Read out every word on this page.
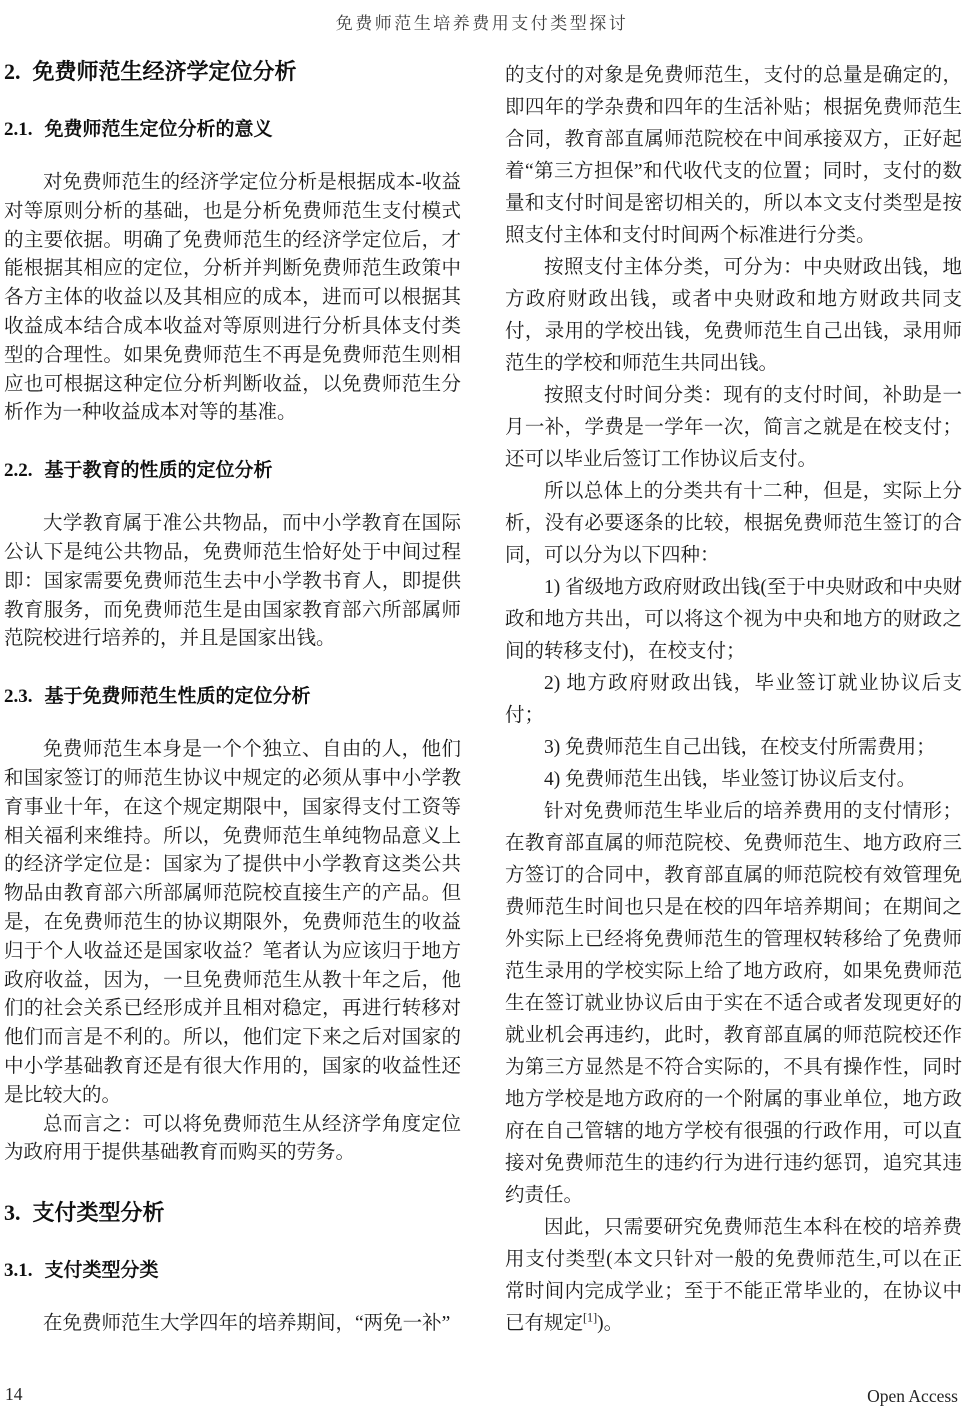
免费师范生培养费用支付类型探讨
2. 免费师范生经济学定位分析
2.1. 免费师范生定位分析的意义

对免费师范生的经济学定位分析是根据成本-收益对等原则分析的基础，也是分析免费师范生支付模式的主要依据。明确了免费师范生的经济学定位后，才能根据其相应的定位，分析并判断免费师范生政策中各方主体的收益以及其相应的成本，进而可以根据其收益成本结合成本收益对等原则进行分析具体支付类型的合理性。如果免费师范生不再是免费师范生则相应也可根据这种定位分析判断收益，以免费师范生分析作为一种收益成本对等的基准。

2.2. 基于教育的性质的定位分析

大学教育属于准公共物品，而中小学教育在国际公认下是纯公共物品，免费师范生恰好处于中间过程即：国家需要免费师范生去中小学教书育人，即提供教育服务，而免费师范生是由国家教育部六所部属师范院校进行培养的，并且是国家出钱。

2.3. 基于免费师范生性质的定位分析

免费师范生本身是一个个独立、自由的人，他们和国家签订的师范生协议中规定的必须从事中小学教育事业十年，在这个规定期限中，国家得支付工资等相关福利来维持。所以，免费师范生单纯物品意义上的经济学定位是：国家为了提供中小学教育这类公共物品由教育部六所部属师范院校直接生产的产品。但是，在免费师范生的协议期限外，免费师范生的收益归于个人收益还是国家收益？笔者认为应该归于地方政府收益，因为，一旦免费师范生从教十年之后，他们的社会关系已经形成并且相对稳定，再进行转移对他们而言是不利的。所以，他们定下来之后对国家的中小学基础教育还是有很大作用的，国家的收益性还是比较大的。

总而言之：可以将免费师范生从经济学角度定位为政府用于提供基础教育而购买的劳务。

3. 支付类型分析
3.1. 支付类型分类

在免费师范生大学四年的培养期间，“两免一补”

的支付的对象是免费师范生，支付的总量是确定的，即四年的学杂费和四年的生活补贴；根据免费师范生合同，教育部直属师范院校在中间承接双方，正好起着“第三方担保”和代收代支的位置；同时，支付的数量和支付时间是密切相关的，所以本文支付类型是按照支付主体和支付时间两个标准进行分类。

按照支付主体分类，可分为：中央财政出钱，地方政府财政出钱，或者中央财政和地方财政共同支付，录用的学校出钱，免费师范生自己出钱，录用师范生的学校和师范生共同出钱。

按照支付时间分类：现有的支付时间，补助是一月一补，学费是一学年一次，简言之就是在校支付；还可以毕业后签订工作协议后支付。

所以总体上的分类共有十二种，但是，实际上分析，没有必要逐条的比较，根据免费师范生签订的合同，可以分为以下四种：

1) 省级地方政府财政出钱(至于中央财政和中央财政和地方共出，可以将这个视为中央和地方的财政之间的转移支付)，在校支付；

2) 地方政府财政出钱，毕业签订就业协议后支付；

3) 免费师范生自己出钱，在校支付所需费用；

4) 免费师范生出钱，毕业签订协议后支付。

针对免费师范生毕业后的培养费用的支付情形；在教育部直属的师范院校、免费师范生、地方政府三方签订的合同中，教育部直属的师范院校有效管理免费师范生时间也只是在校的四年培养期间；在期间之外实际上已经将免费师范生的管理权转移给了免费师范生录用的学校实际上给了地方政府，如果免费师范生在签订就业协议后由于实在不适合或者发现更好的就业机会再违约，此时，教育部直属的师范院校还作为第三方显然是不符合实际的，不具有操作性，同时地方学校是地方政府的一个附属的事业单位，地方政府在自己管辖的地方学校有很强的行政作用，可以直接对免费师范生的违约行为进行违约惩罚，追究其违约责任。

因此，只需要研究免费师范生本科在校的培养费用支付类型(本文只针对一般的免费师范生,可以在正常时间内完成学业；至于不能正常毕业的，在协议中已有规定[1])。

14	Open Access
